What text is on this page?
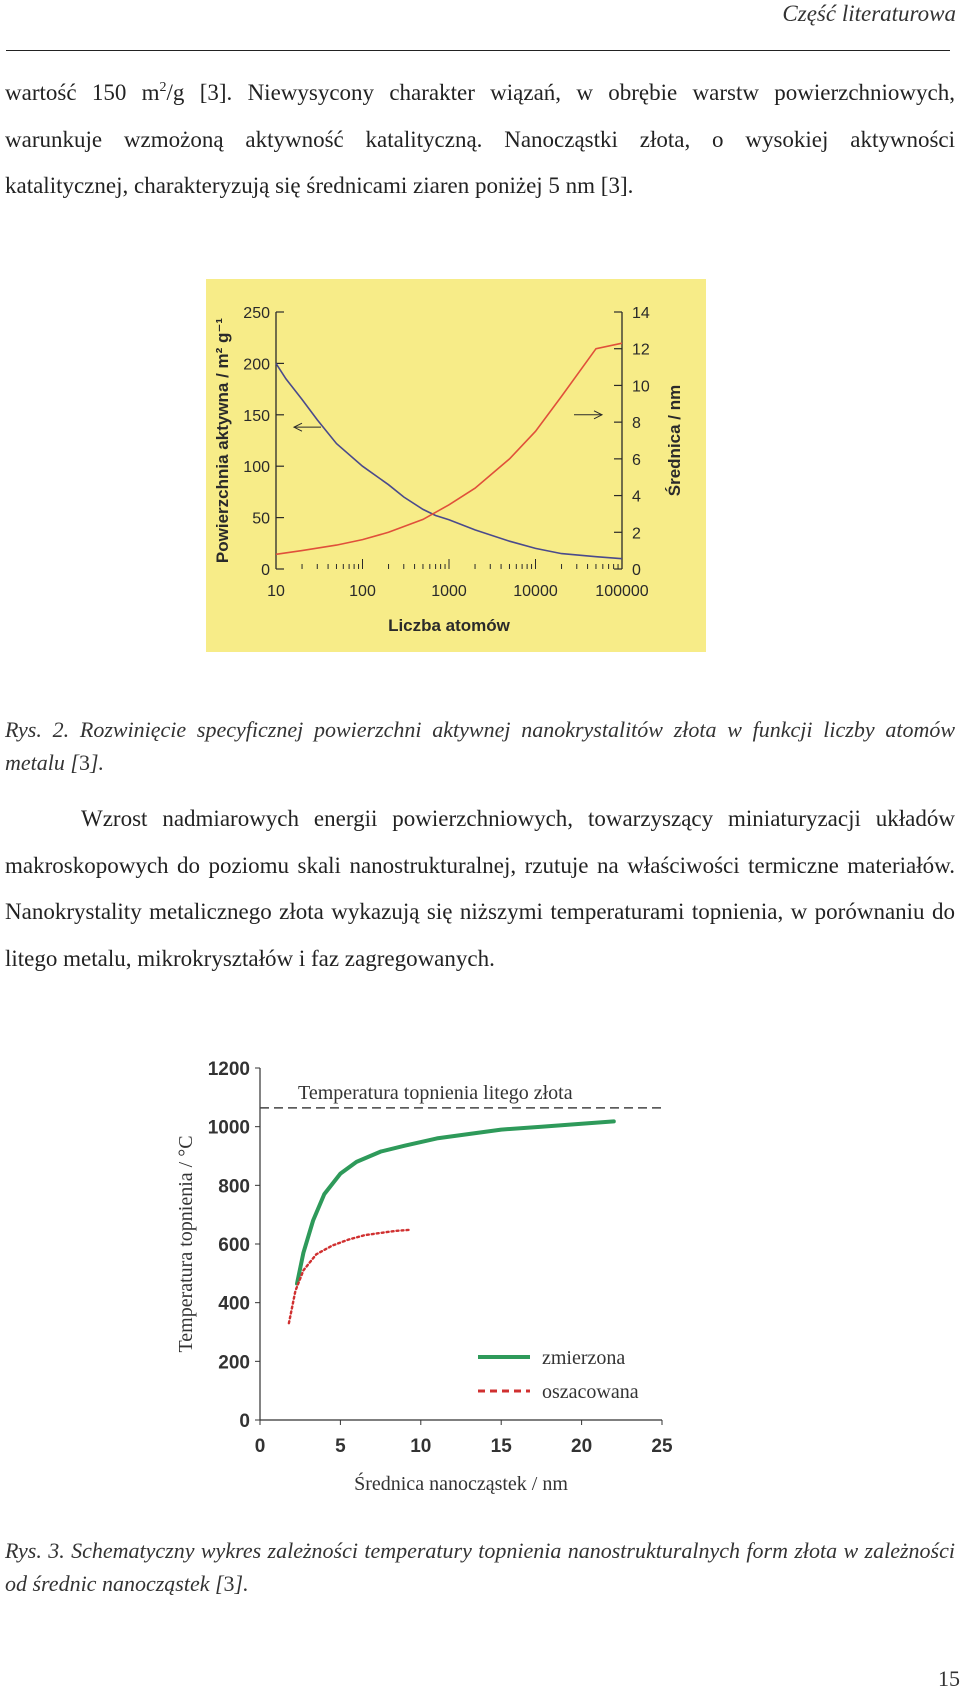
Część literaturowa
wartość 150 $m^2/g$ [3]. Niewysycony charakter wiązań, w obrębie warstw powierzchniowych, warunkuje wzmożoną aktywność katalityczną. Nanocząstki złota, o wysokiej aktywności katalitycznej, charakteryzują się średnicami ziaren poniżej 5 nm [3].
0
50
100
150
200
250
0
2
4
6
8
10
12
14
10	100	1000	10000 100000
Liczba atomów
Powierzchnia aktywna / m² g⁻¹	Średnica / nm
Rys. 2. Rozwinięcie specyficznej powierzchni aktywnej nanokrystalitów złota w funkcji liczby atomów metalu [3].
Wzrost nadmiarowych energii powierzchniowych, towarzyszący miniaturyzacji układów makroskopowych do poziomu skali nanostrukturalnej, rzutuje na właściwości termiczne materiałów. Nanokrystality metalicznego złota wykazują się niższymi temperaturami topnienia, w porównaniu do litego metalu, mikrokryształów i faz zagregowanych.
0
200
400
600
800
1000
1200
0	5	10	15	20	25
Temperatura topnienia litego złota
zmierzona
oszacowana
Średnica nanocząstek / nm
Temperatura topnienia / °C
Rys. 3. Schematyczny wykres zależności temperatury topnienia nanostrukturalnych form złota w zależności od średnic nanocząstek [3].
15
